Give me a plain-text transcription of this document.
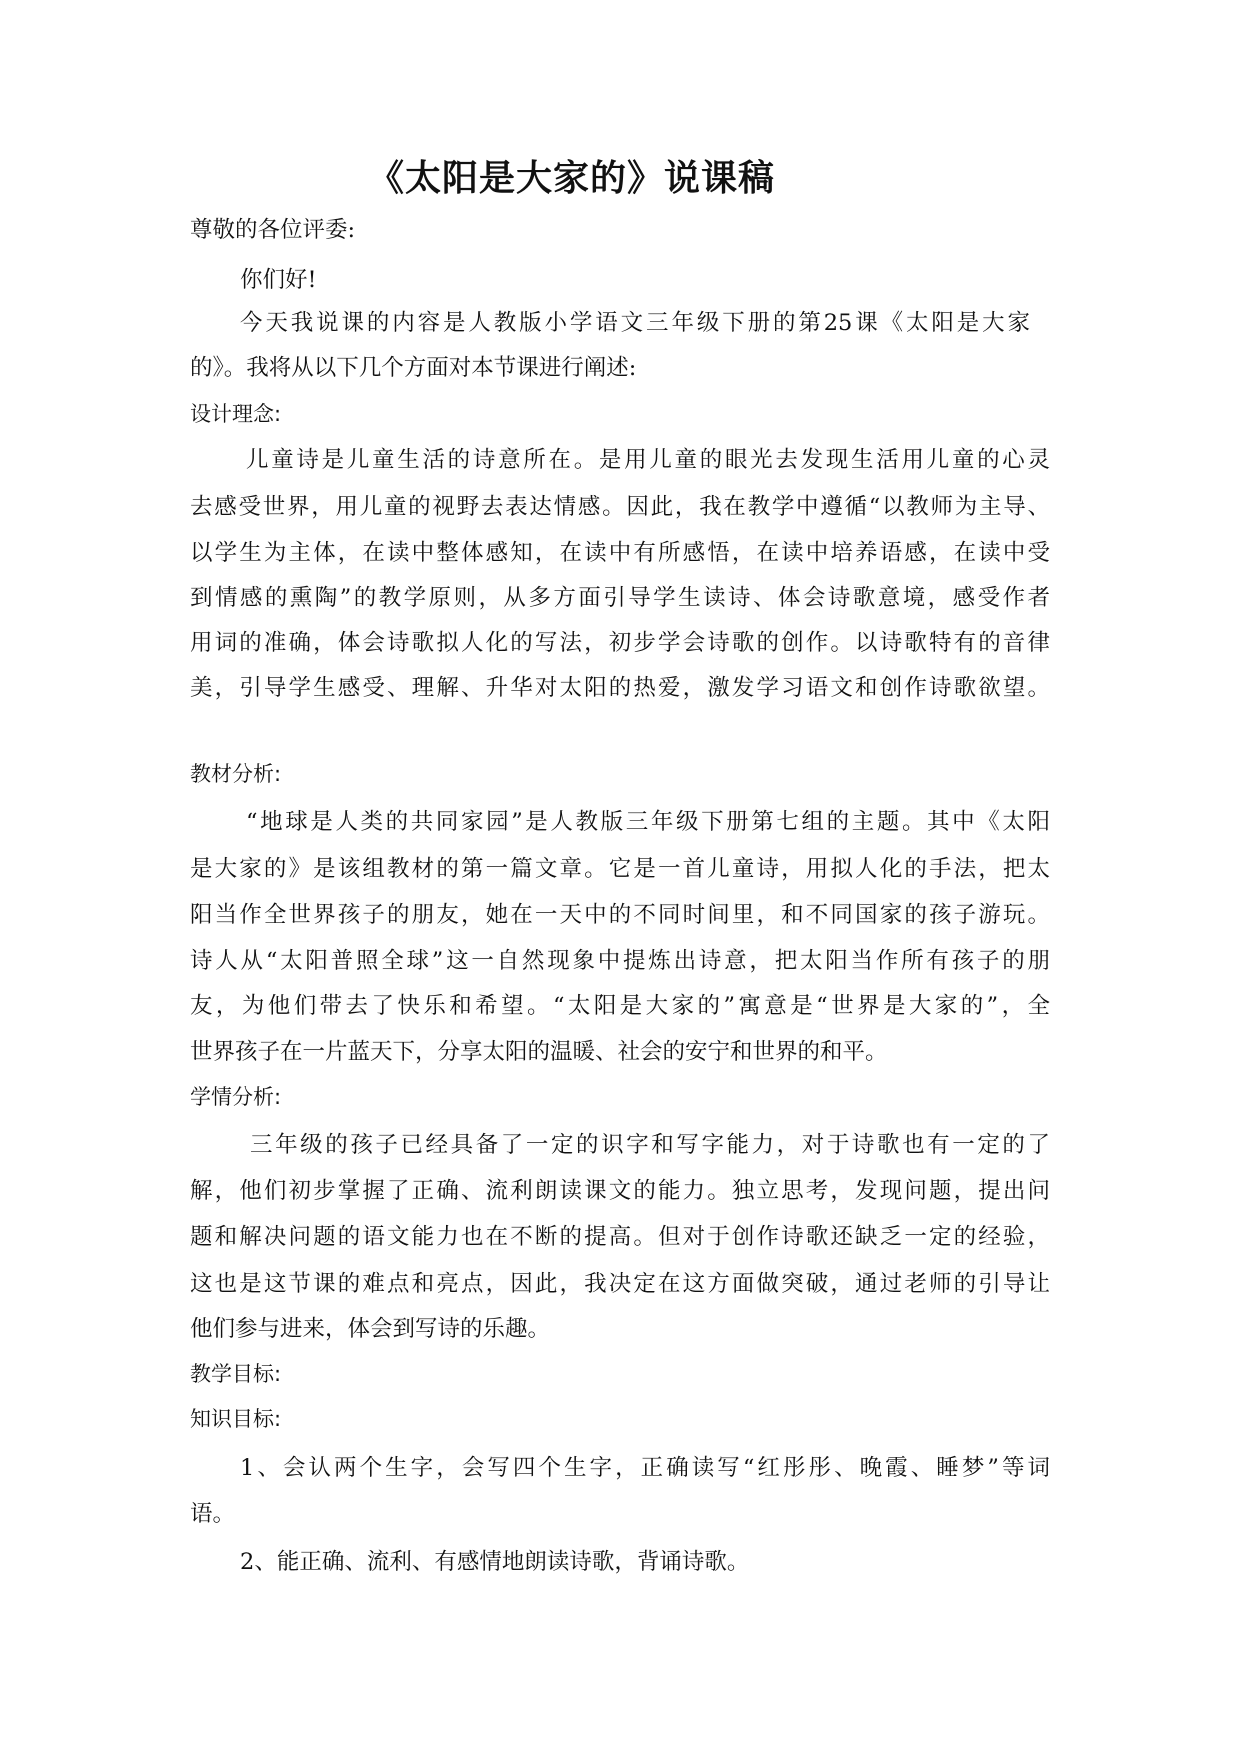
《太阳是大家的》说课稿

尊敬的各位评委:

你们好!

今天我说课的内容是人教版小学语文三年级下册的第25课《太阳是大家

的》。我将从以下几个方面对本节课进行阐述:

设计理念:

儿童诗是儿童生活的诗意所在。是用儿童的眼光去发现生活用儿童的心灵

去感受世界，用儿童的视野去表达情感。因此，我在教学中遵循“以教师为主导、

以学生为主体，在读中整体感知，在读中有所感悟，在读中培养语感，在读中受

到情感的熏陶”的教学原则，从多方面引导学生读诗、体会诗歌意境，感受作者

用词的准确，体会诗歌拟人化的写法，初步学会诗歌的创作。以诗歌特有的音律

美，引导学生感受、理解、升华对太阳的热爱，激发学习语文和创作诗歌欲望。

教材分析:

“地球是人类的共同家园”是人教版三年级下册第七组的主题。其中《太阳

是大家的》是该组教材的第一篇文章。它是一首儿童诗，用拟人化的手法，把太

阳当作全世界孩子的朋友，她在一天中的不同时间里，和不同国家的孩子游玩。

诗人从“太阳普照全球”这一自然现象中提炼出诗意，把太阳当作所有孩子的朋

友，为他们带去了快乐和希望。“太阳是大家的”寓意是“世界是大家的”，全

世界孩子在一片蓝天下，分享太阳的温暖、社会的安宁和世界的和平。

学情分析:

三年级的孩子已经具备了一定的识字和写字能力，对于诗歌也有一定的了

解，他们初步掌握了正确、流利朗读课文的能力。独立思考，发现问题，提出问

题和解决问题的语文能力也在不断的提高。但对于创作诗歌还缺乏一定的经验，

这也是这节课的难点和亮点，因此，我决定在这方面做突破，通过老师的引导让

他们参与进来，体会到写诗的乐趣。

教学目标:

知识目标:

1、会认两个生字，会写四个生字，正确读写“红彤彤、晚霞、睡梦”等词

语。

2、能正确、流利、有感情地朗读诗歌，背诵诗歌。
